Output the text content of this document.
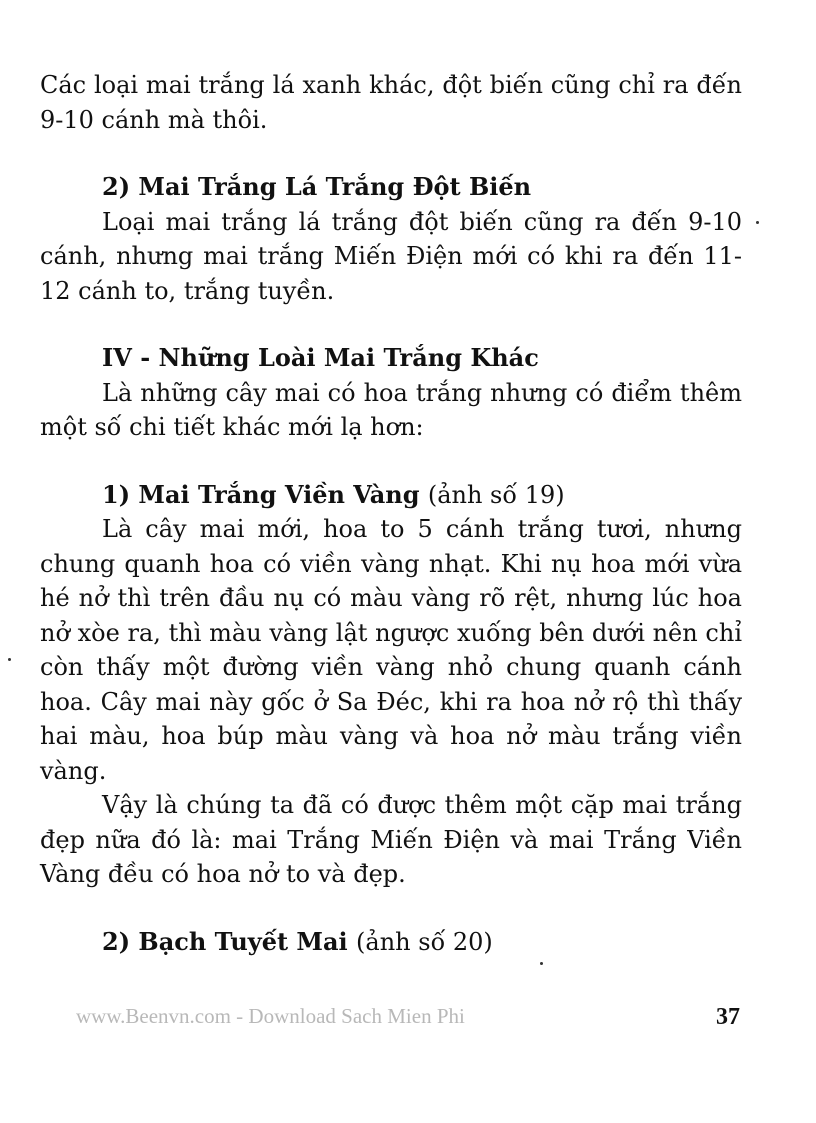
Các loại mai trắng lá xanh khác, đột biến cũng chỉ ra đến 9-10 cánh mà thôi.

2) Mai Trắng Lá Trắng Đột Biến

Loại mai trắng lá trắng đột biến cũng ra đến 9-10 cánh, nhưng mai trắng Miến Điện mới có khi ra đến 11-12 cánh to, trắng tuyền.

IV - Những Loài Mai Trắng Khác

Là những cây mai có hoa trắng nhưng có điểm thêm một số chi tiết khác mới lạ hơn:

1) Mai Trắng Viền Vàng (ảnh số 19)

Là cây mai mới, hoa to 5 cánh trắng tươi, nhưng chung quanh hoa có viền vàng nhạt. Khi nụ hoa mới vừa hé nở thì trên đầu nụ có màu vàng rõ rệt, nhưng lúc hoa nở xòe ra, thì màu vàng lật ngược xuống bên dưới nên chỉ còn thấy một đường viền vàng nhỏ chung quanh cánh hoa. Cây mai này gốc ở Sa Đéc, khi ra hoa nở rộ thì thấy hai màu, hoa búp màu vàng và hoa nở màu trắng viền vàng.

Vậy là chúng ta đã có được thêm một cặp mai trắng đẹp nữa đó là: mai Trắng Miến Điện và mai Trắng Viền Vàng đều có hoa nở to và đẹp.

2) Bạch Tuyết Mai (ảnh số 20)

www.Beenvn.com - Download Sach Mien Phi	37
